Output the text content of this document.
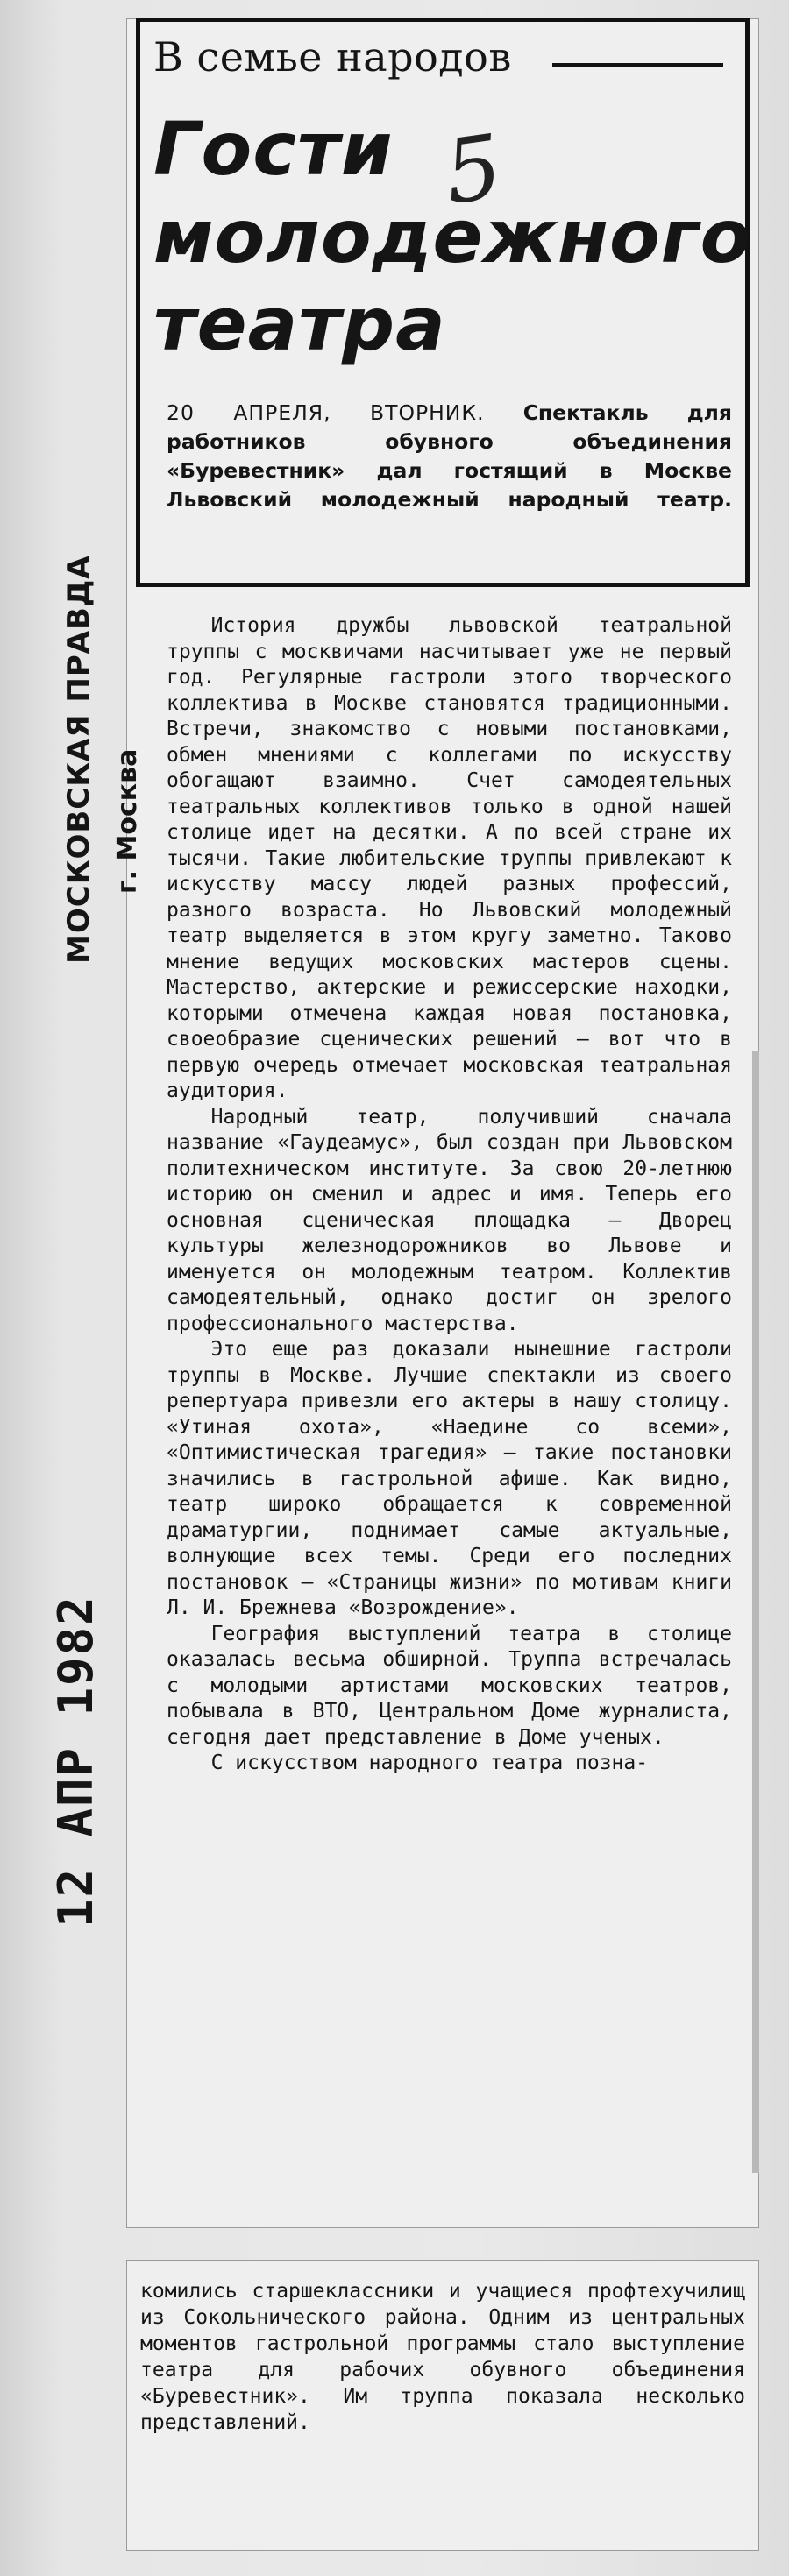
МОСКОВСКАЯ ПРАВДА г. Москва
12 АПР 1982
В семье народов
Гости молодежного театра
5
20 АПРЕЛЯ, ВТОРНИК. Спектакль для работников обувного объединения «Буревестник» дал гостящий в Москве Львовский молодежный народный театр.

История дружбы львовской театральной труппы с москвичами насчитывает уже не первый год. Регулярные гастроли этого творческого коллектива в Москве становятся традиционными. Встречи, знакомство с новыми постановками, обмен мнениями с коллегами по искусству обогащают взаимно. Счет самодеятельных театральных коллективов только в одной нашей столице идет на десятки. А по всей стране их тысячи. Такие любительские труппы привлекают к искусству массу людей разных профессий, разного возраста. Но Львовский молодежный театр выделяется в этом кругу заметно. Таково мнение ведущих московских мастеров сцены. Мастерство, актерские и режиссерские находки, которыми отмечена каждая новая постановка, своеобразие сценических решений — вот что в первую очередь отмечает московская театральная аудитория.

Народный театр, получивший сначала название «Гаудеамус», был создан при Львовском политехническом институте. За свою 20-летнюю историю он сменил и адрес и имя. Теперь его основная сценическая площадка — Дворец культуры железнодорожников во Львове и именуется он молодежным театром. Коллектив самодеятельный, однако достиг он зрелого профессионального мастерства.

Это еще раз доказали нынешние гастроли труппы в Москве. Лучшие спектакли из своего репертуара привезли его актеры в нашу столицу. «Утиная охота», «Наедине со всеми», «Оптимистическая трагедия» — такие постановки значились в гастрольной афише. Как видно, театр широко обращается к современной драматургии, поднимает самые актуальные, волнующие всех темы. Среди его последних постановок — «Страницы жизни» по мотивам книги Л. И. Брежнева «Возрождение».

География выступлений театра в столице оказалась весьма обширной. Труппа встречалась с молодыми артистами московских театров, побывала в ВТО, Центральном Доме журналиста, сегодня дает представление в Доме ученых.

С искусством народного театра позна-

комились старшеклассники и учащиеся профтехучилищ из Сокольнического района. Одним из центральных моментов гастрольной программы стало выступление театра для рабочих обувного объединения «Буревестник». Им труппа показала несколько представлений.
